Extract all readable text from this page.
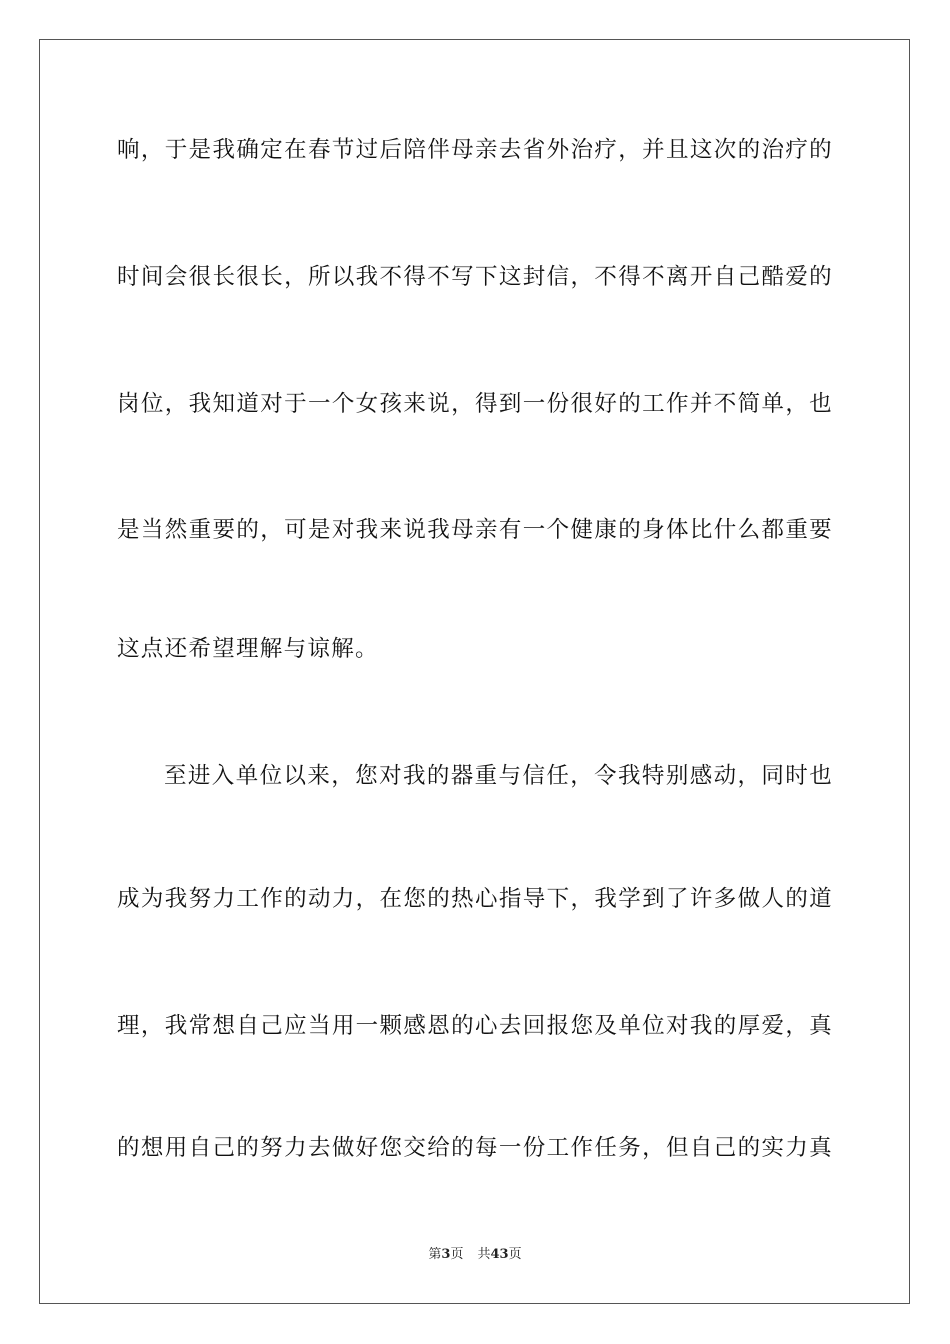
响，于是我确定在春节过后陪伴母亲去省外治疗，并且这次的治疗的
时间会很长很长，所以我不得不写下这封信，不得不离开自己酷爱的
岗位，我知道对于一个女孩来说，得到一份很好的工作并不简单，也
是当然重要的，可是对我来说我母亲有一个健康的身体比什么都重要
这点还希望理解与谅解。
至进入单位以来，您对我的器重与信任，令我特别感动，同时也
成为我努力工作的动力，在您的热心指导下，我学到了许多做人的道
理，我常想自己应当用一颗感恩的心去回报您及单位对我的厚爱，真
的想用自己的努力去做好您交给的每一份工作任务，但自己的实力真
第3页 共43页
